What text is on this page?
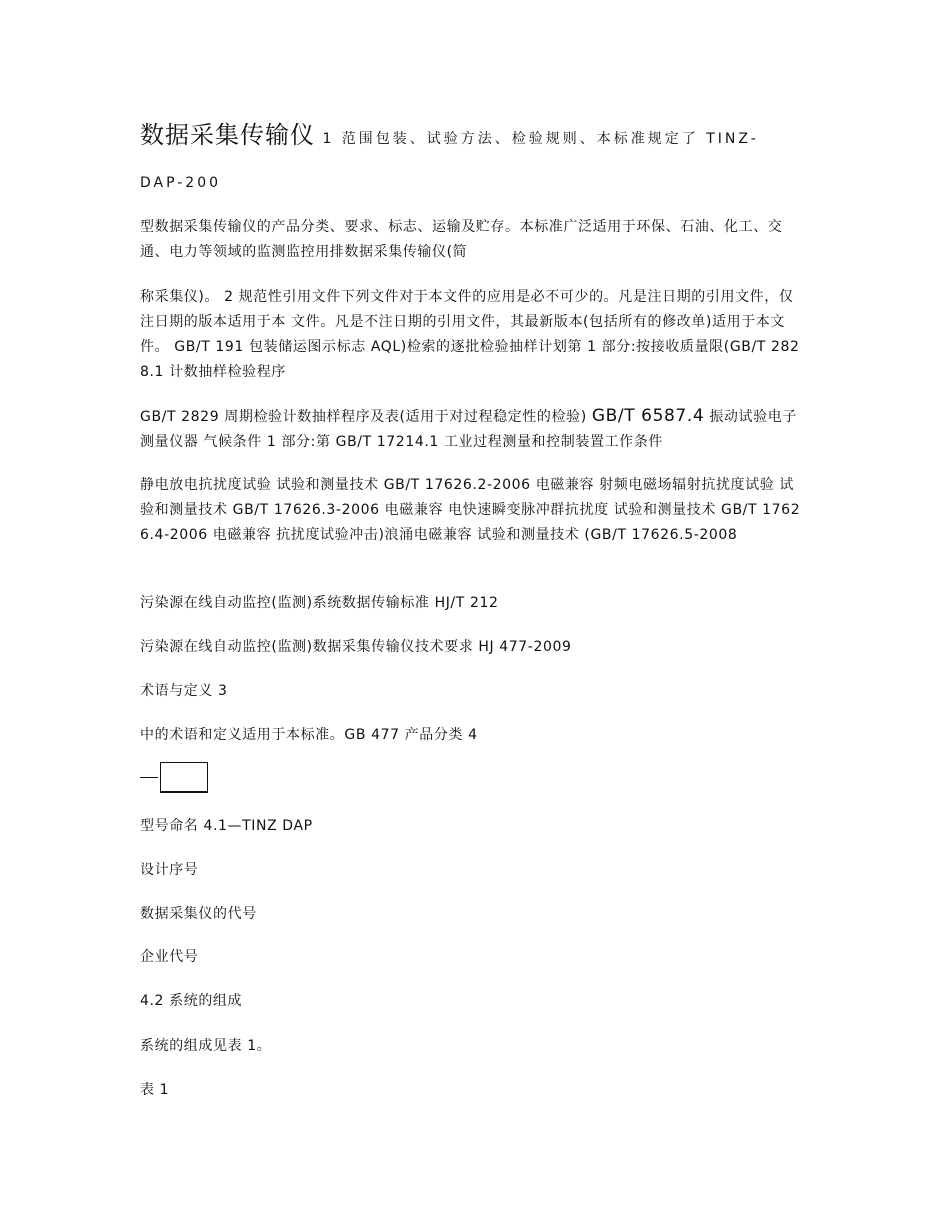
数据采集传输仪 1 范围包装、试验方法、检验规则、本标准规定了 TINZ-
DAP-200
型数据采集传输仪的产品分类、要求、标志、运输及贮存。本标准广泛适用于环保、石油、化工、交通、电力等领域的监测监控用排数据采集传输仪(简
称采集仪)。 2 规范性引用文件下列文件对于本文件的应用是必不可少的。凡是注日期的引用文件，仅注日期的版本适用于本 文件。凡是不注日期的引用文件，其最新版本(包括所有的修改单)适用于本文件。 GB/T 191 包装储运图示标志 AQL)检索的逐批检验抽样计划第 1 部分:按接收质量限(GB/T 2828.1 计数抽样检验程序
GB/T 2829 周期检验计数抽样程序及表(适用于对过程稳定性的检验) GB/T 6587.4 振动试验电子测量仪器 气候条件 1 部分:第 GB/T 17214.1 工业过程测量和控制装置工作条件
静电放电抗扰度试验 试验和测量技术 GB/T 17626.2-2006 电磁兼容 射频电磁场辐射抗扰度试验 试验和测量技术 GB/T 17626.3-2006 电磁兼容 电快速瞬变脉冲群抗扰度 试验和测量技术 GB/T 17626.4-2006 电磁兼容 抗扰度试验冲击)浪涌电磁兼容 试验和测量技术 (GB/T 17626.5-2008
污染源在线自动监控(监测)系统数据传输标准 HJ/T 212
污染源在线自动监控(监测)数据采集传输仪技术要求 HJ 477-2009
术语与定义 3
中的术语和定义适用于本标准。GB 477 产品分类 4
型号命名 4.1—TINZ DAP
设计序号
数据采集仪的代号
企业代号
4.2 系统的组成
系统的组成见表 1。
表 1
